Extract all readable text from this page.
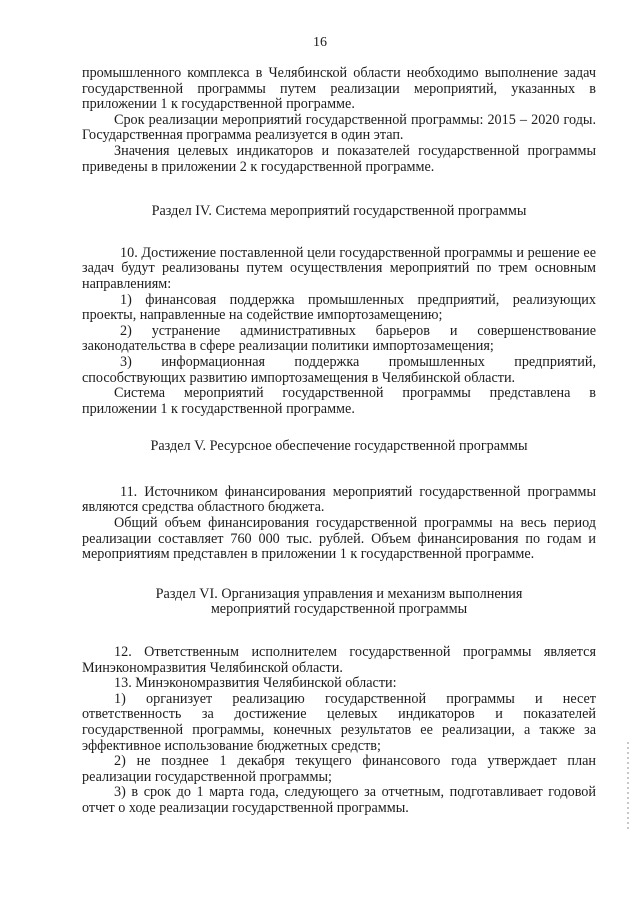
16

промышленного комплекса в Челябинской области необходимо выполнение задач государственной программы путем реализации мероприятий, указанных в приложении 1 к государственной программе.

Срок реализации мероприятий государственной программы: 2015 – 2020 годы. Государственная программа реализуется в один этап.

Значения целевых индикаторов и показателей государственной программы приведены в приложении 2 к государственной программе.

Раздел IV. Система мероприятий государственной программы

10. Достижение поставленной цели государственной программы и решение ее задач будут реализованы путем осуществления мероприятий по трем основным направлениям:

1) финансовая поддержка промышленных предприятий, реализующих проекты, направленные на содействие импортозамещению;

2) устранение административных барьеров и совершенствование законодательства в сфере реализации политики импортозамещения;

3) информационная поддержка промышленных предприятий, способствующих развитию импортозамещения в Челябинской области.

Система мероприятий государственной программы представлена в приложении 1 к государственной программе.

Раздел V. Ресурсное обеспечение государственной программы

11. Источником финансирования мероприятий государственной программы являются средства областного бюджета.

Общий объем финансирования государственной программы на весь период реализации составляет 760 000 тыс. рублей. Объем финансирования по годам и мероприятиям представлен в приложении 1 к государственной программе.

Раздел VI. Организация управления и механизм выполнения

мероприятий государственной программы

12. Ответственным исполнителем государственной программы является Минэкономразвития Челябинской области.

13. Минэкономразвития Челябинской области:

1) организует реализацию государственной программы и несет ответственность за достижение целевых индикаторов и показателей государственной программы, конечных результатов ее реализации, а также за эффективное использование бюджетных средств;

2) не позднее 1 декабря текущего финансового года утверждает план реализации государственной программы;

3) в срок до 1 марта года, следующего за отчетным, подготавливает годовой отчет о ходе реализации государственной программы.
